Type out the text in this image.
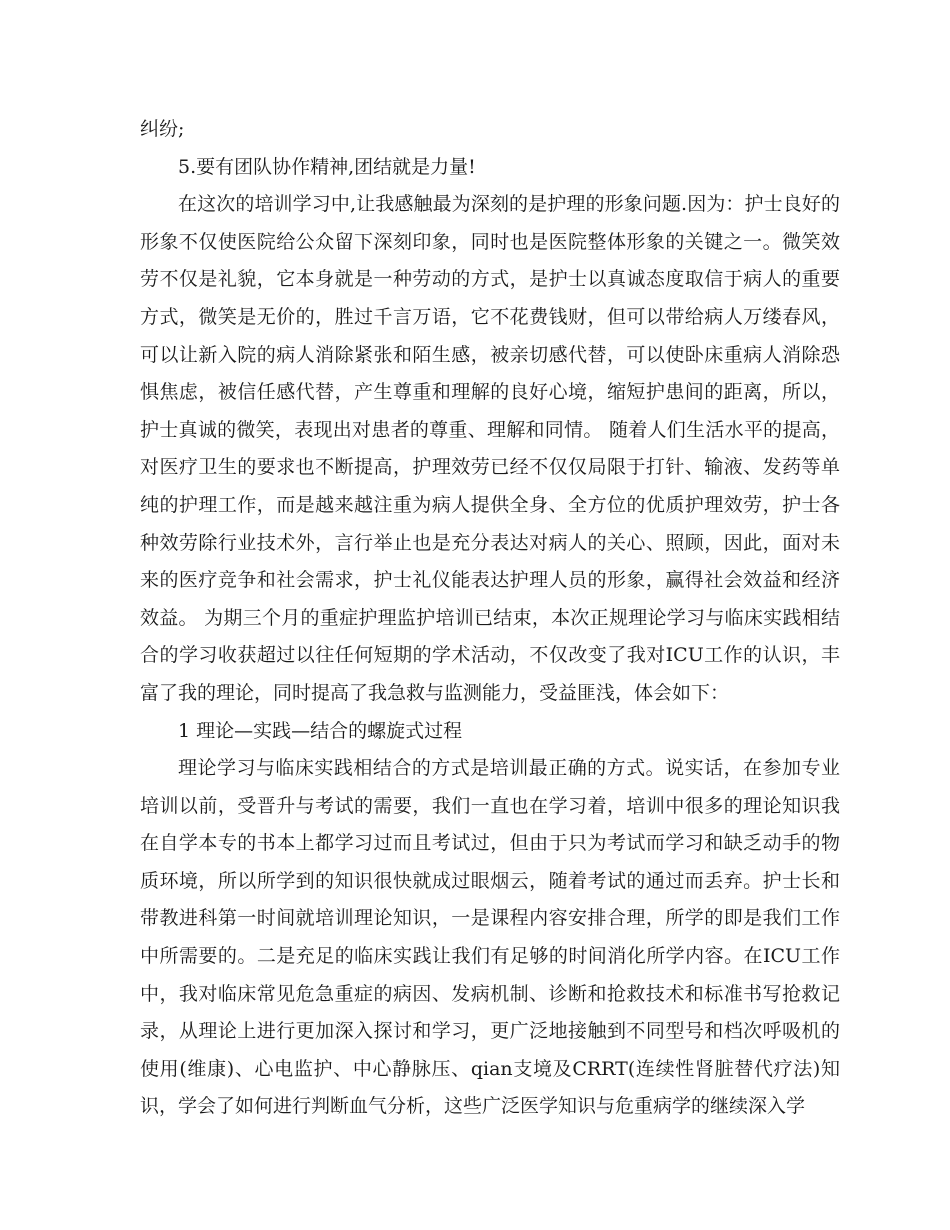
纠纷;

5.要有团队协作精神,团结就是力量!

在这次的培训学习中,让我感触最为深刻的是护理的形象问题.因为：护士良好的形象不仅使医院给公众留下深刻印象，同时也是医院整体形象的关键之一。微笑效劳不仅是礼貌，它本身就是一种劳动的方式，是护士以真诚态度取信于病人的重要方式，微笑是无价的，胜过千言万语，它不花费钱财，但可以带给病人万缕春风，可以让新入院的病人消除紧张和陌生感，被亲切感代替，可以使卧床重病人消除恐惧焦虑，被信任感代替，产生尊重和理解的良好心境，缩短护患间的距离，所以，护士真诚的微笑，表现出对患者的尊重、理解和同情。 随着人们生活水平的提高，对医疗卫生的要求也不断提高，护理效劳已经不仅仅局限于打针、输液、发药等单纯的护理工作，而是越来越注重为病人提供全身、全方位的优质护理效劳，护士各种效劳除行业技术外，言行举止也是充分表达对病人的关心、照顾，因此，面对未来的医疗竞争和社会需求，护士礼仪能表达护理人员的形象，赢得社会效益和经济效益。 为期三个月的重症护理监护培训已结束，本次正规理论学习与临床实践相结合的学习收获超过以往任何短期的学术活动，不仅改变了我对ICU工作的认识，丰富了我的理论，同时提高了我急救与监测能力，受益匪浅，体会如下：

1 理论—实践—结合的螺旋式过程

理论学习与临床实践相结合的方式是培训最正确的方式。说实话，在参加专业培训以前，受晋升与考试的需要，我们一直也在学习着，培训中很多的理论知识我在自学本专的书本上都学习过而且考试过，但由于只为考试而学习和缺乏动手的物质环境，所以所学到的知识很快就成过眼烟云，随着考试的通过而丢弃。护士长和带教进科第一时间就培训理论知识，一是课程内容安排合理，所学的即是我们工作中所需要的。二是充足的临床实践让我们有足够的时间消化所学内容。在ICU工作中，我对临床常见危急重症的病因、发病机制、诊断和抢救技术和标准书写抢救记录，从理论上进行更加深入探讨和学习，更广泛地接触到不同型号和档次呼吸机的使用(维康)、心电监护、中心静脉压、qian支境及CRRT(连续性肾脏替代疗法)知识，学会了如何进行判断血气分析，这些广泛医学知识与危重病学的继续深入学
